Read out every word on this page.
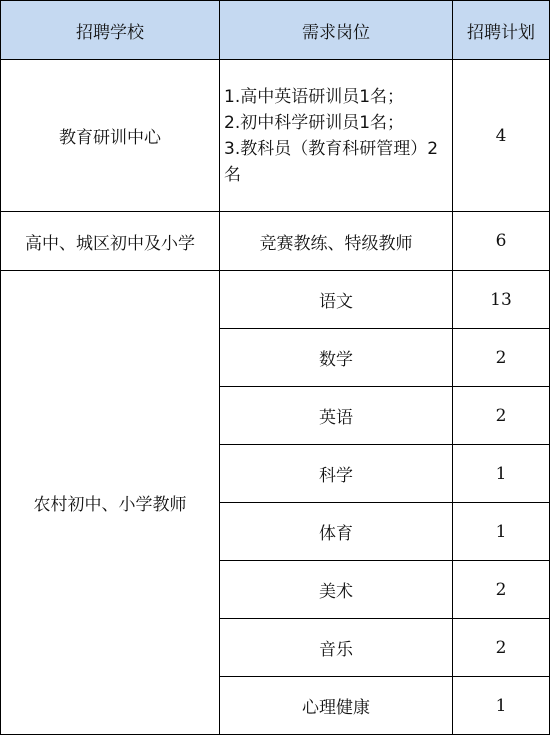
招聘学校	需求岗位	招聘计划
教育研训中心	1.高中英语研训员1名；
2.初中科学研训员1名；
3.教科员（教育科研管理）2名	4
高中、城区初中及小学	竞赛教练、特级教师	6
农村初中、小学教师	语文	13
	数学	2
	英语	2
	科学	1
	体育	1
	美术	2
	音乐	2
	心理健康	1
